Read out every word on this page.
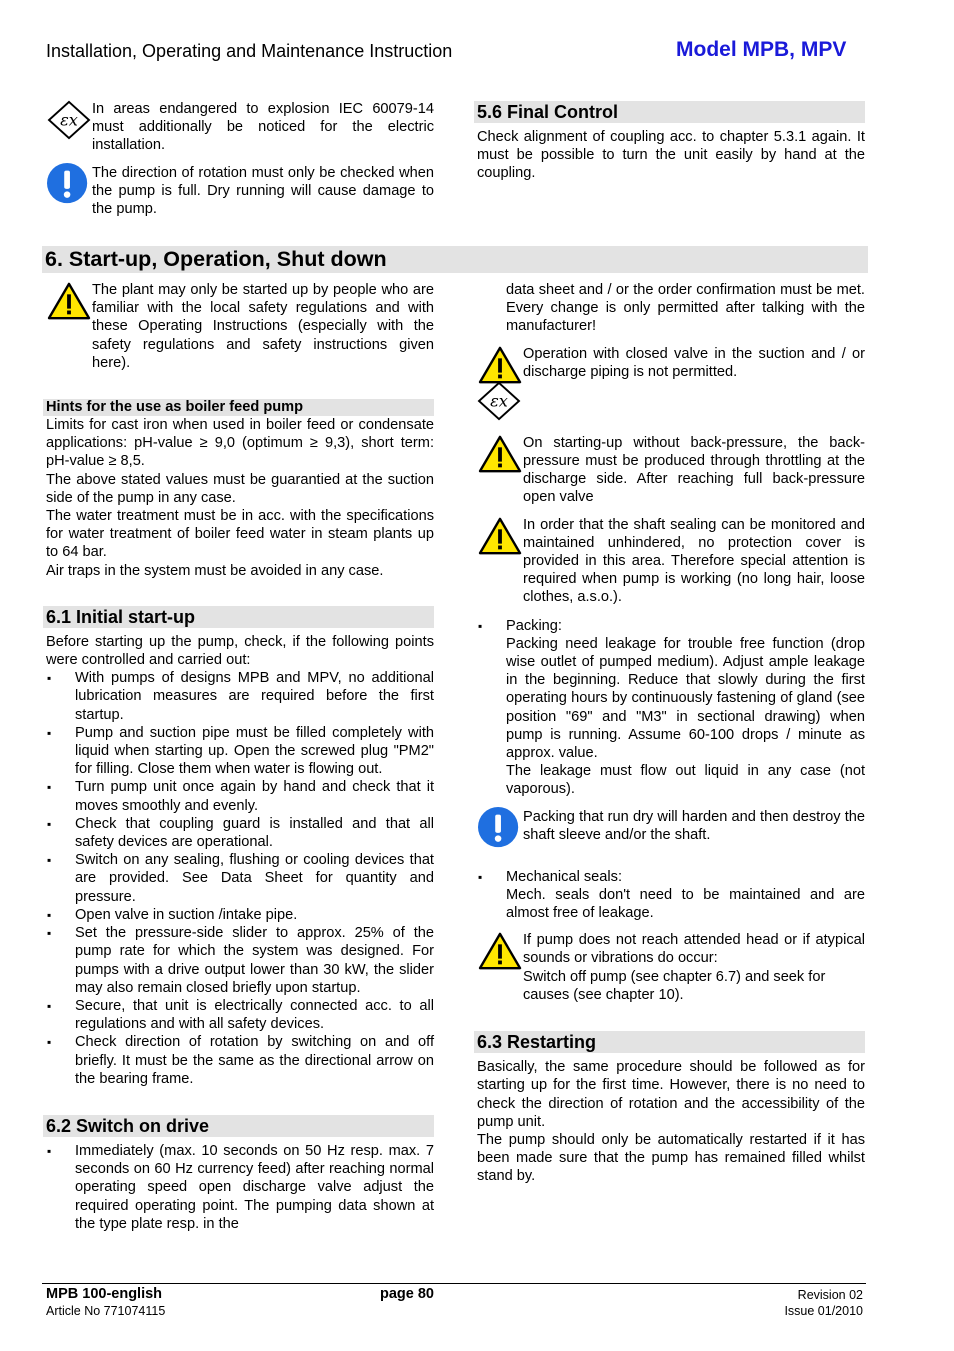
Installation, Operating and Maintenance Instruction	Model MPB, MPV
In areas endangered to explosion IEC 60079-14 must additionally be noticed for the electric installation.
The direction of rotation must only be checked when the pump is full. Dry running will cause damage to the pump.
5.6 Final Control
Check alignment of coupling acc. to chapter 5.3.1 again. It must be possible to turn the unit easily by hand at the coupling.
6. Start-up, Operation, Shut down
The plant may only be started up by people who are familiar with the local safety regulations and with these Operating Instructions (especially with the safety regulations and safety instructions given here).
Hints for the use as boiler feed pump
Limits for cast iron when used in boiler feed or condensate applications: pH-value ≥ 9,0 (optimum ≥ 9,3), short term: pH-value ≥ 8,5.
The above stated values must be guarantied at the suction side of the pump in any case.
The water treatment must be in acc. with the specifications for water treatment of boiler feed water in steam plants up to 64 bar.
Air traps in the system must be avoided in any case.
6.1 Initial start-up
Before starting up the pump, check, if the following points were controlled and carried out:
▪ With pumps of designs MPB and MPV, no additional lubrication measures are required before the first startup.
▪ Pump and suction pipe must be filled completely with liquid when starting up. Open the screwed plug "PM2" for filling. Close them when water is flowing out.
▪ Turn pump unit once again by hand and check that it moves smoothly and evenly.
▪ Check that coupling guard is installed and that all safety devices are operational.
▪ Switch on any sealing, flushing or cooling devices that are provided. See Data Sheet for quantity and pressure.
▪ Open valve in suction /intake pipe.
▪ Set the pressure-side slider to approx. 25% of the pump rate for which the system was designed. For pumps with a drive output lower than 30 kW, the slider may also remain closed briefly upon startup.
▪ Secure, that unit is electrically connected acc. to all regulations and with all safety devices.
▪ Check direction of rotation by switching on and off briefly. It must be the same as the directional arrow on the bearing frame.
6.2 Switch on drive
▪ Immediately (max. 10 seconds on 50 Hz resp. max. 7 seconds on 60 Hz currency feed) after reaching normal operating speed open discharge valve adjust the required operating point. The pumping data shown at the type plate resp. in the
data sheet and / or the order confirmation must be met. Every change is only permitted after talking with the manufacturer!
Operation with closed valve in the suction and / or discharge piping is not permitted.
On starting-up without back-pressure, the back-pressure must be produced through throttling at the discharge side. After reaching full back-pressure open valve
In order that the shaft sealing can be monitored and maintained unhindered, no protection cover is provided in this area. Therefore special attention is required when pump is working (no long hair, loose clothes, a.s.o.).
▪ Packing:
Packing need leakage for trouble free function (drop wise outlet of pumped medium). Adjust ample leakage in the beginning. Reduce that slowly during the first operating hours by continuously fastening of gland (see position "69" and "M3" in sectional drawing) when pump is running. Assume 60-100 drops / minute as approx. value.
The leakage must flow out liquid in any case (not vaporous).
Packing that run dry will harden and then destroy the shaft sleeve and/or the shaft.
▪ Mechanical seals:
Mech. seals don't need to be maintained and are almost free of leakage.
If pump does not reach attended head or if atypical sounds or vibrations do occur:
Switch off pump (see chapter 6.7) and seek for causes (see chapter 10).
6.3 Restarting
Basically, the same procedure should be followed as for starting up for the first time. However, there is no need to check the direction of rotation and the accessibility of the pump unit.
The pump should only be automatically restarted if it has been made sure that the pump has remained filled whilst stand by.
MPB 100-english
Article No 771074115
page 80	Revision 02
Issue 01/2010
